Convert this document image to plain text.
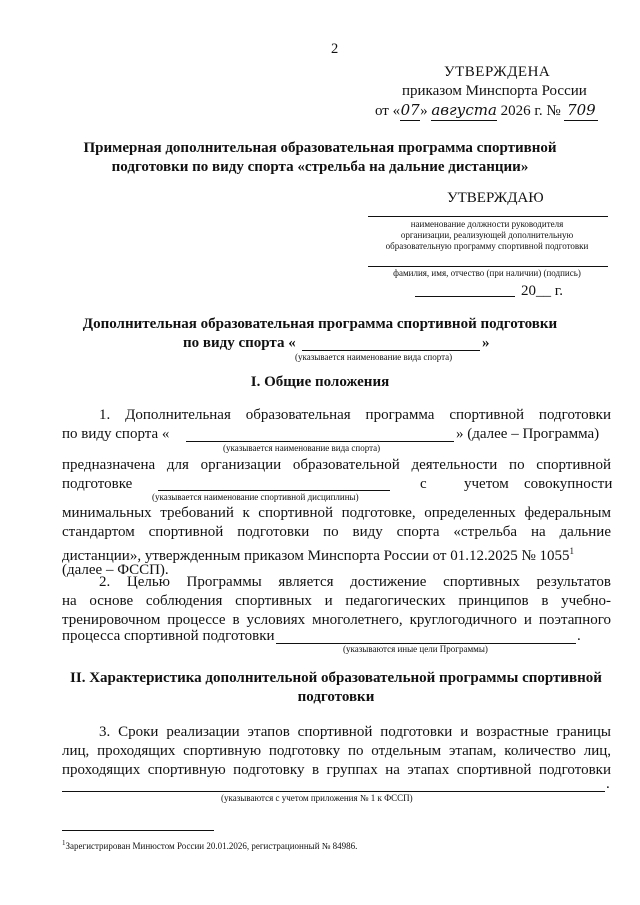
2
УТВЕРЖДЕНА
приказом Минспорта России
от «07» августа 2026 г. № 709
Примерная дополнительная образовательная программа спортивной
подготовки по виду спорта «стрельба на дальние дистанции»
УТВЕРЖДАЮ
наименование должности руководителя
организации, реализующей дополнительную
образовательную программу спортивной подготовки
фамилия, имя, отчество (при наличии) (подпись)
20__ г.
Дополнительная образовательная программа спортивной подготовки
по виду спорта «	»
(указывается наименование вида спорта)
I. Общие положения
1. Дополнительная образовательная программа спортивной подготовки
по виду спорта «	» (далее – Программа)
(указывается наименование вида спорта)
предназначена для организации образовательной деятельности по спортивной
подготовке	с учетом совокупности
(указывается наименование спортивной дисциплины)
минимальных требований к спортивной подготовке, определенных федеральным
стандартом спортивной подготовки по виду спорта «стрельба на дальние
дистанции», утвержденным приказом Минспорта России от 01.12.2025 № 1055$^1$
(далее – ФССП).
2. Целью Программы является достижение спортивных результатов
на основе соблюдения спортивных и педагогических принципов в учебно-
тренировочном процессе в условиях многолетнего, круглогодичного и поэтапного
процесса спортивной подготовки	.
(указываются иные цели Программы)
II. Характеристика дополнительной образовательной программы спортивной
подготовки
3. Сроки реализации этапов спортивной подготовки и возрастные границы
лиц, проходящих спортивную подготовку по отдельным этапам, количество лиц,
проходящих спортивную подготовку в группах на этапах спортивной подготовки
.
(указываются с учетом приложения № 1 к ФССП)
$^1$Зарегистрирован Минюстом России 20.01.2026, регистрационный № 84986.
